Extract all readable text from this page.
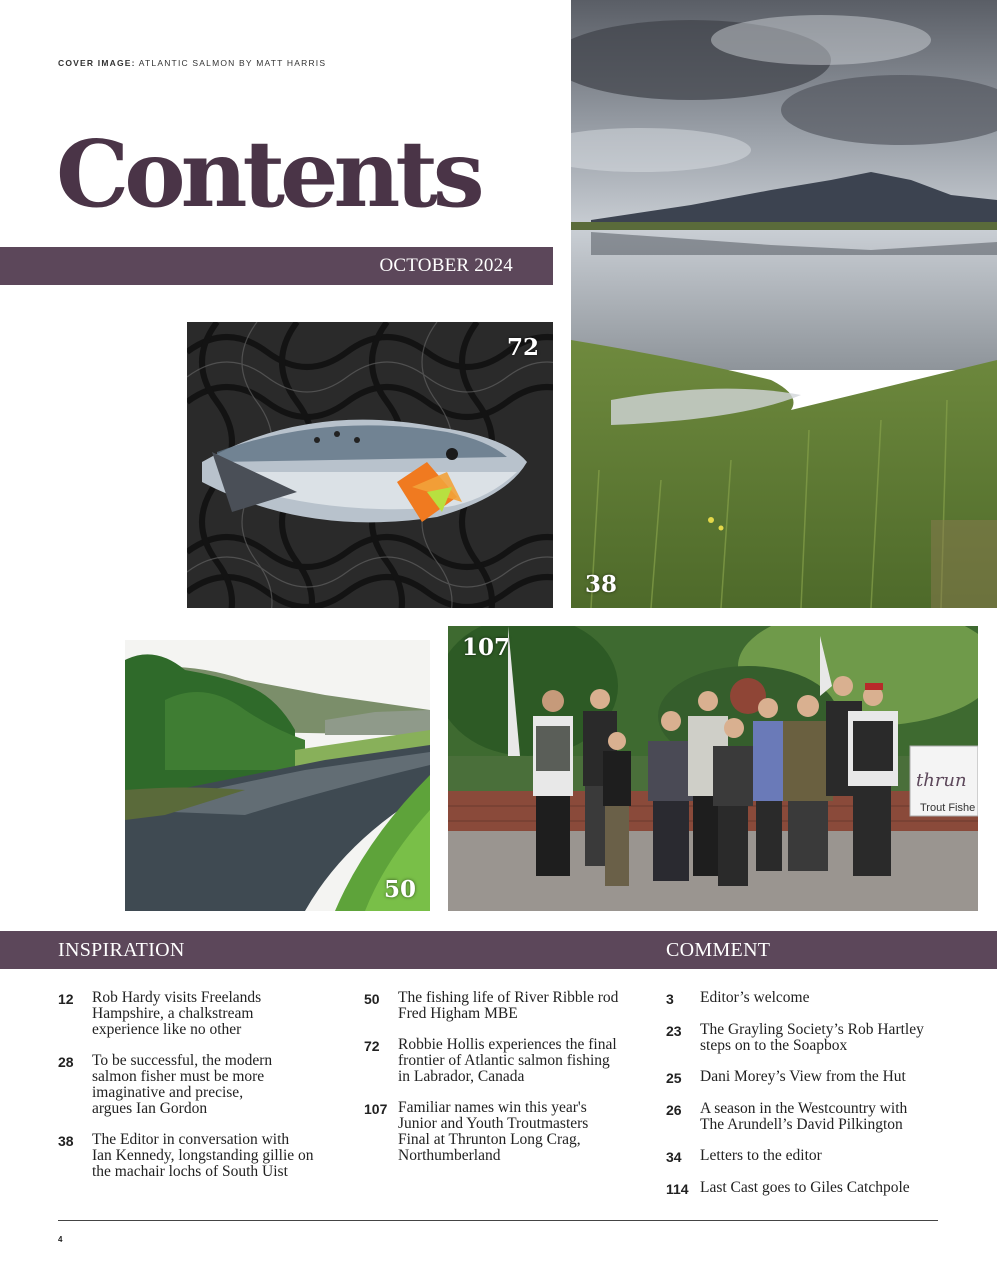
COVER IMAGE: ATLANTIC SALMON BY MATT HARRIS
Contents
OCTOBER 2024
72
38
50
thrun
Trout Fishe
107
INSPIRATION	COMMENT
12	Rob Hardy visits Freelands
Hampshire, a chalkstream
experience like no other
28	To be successful, the modern
salmon fisher must be more
imaginative and precise,
argues Ian Gordon
38	The Editor in conversation with
Ian Kennedy, longstanding gillie on
the machair lochs of South Uist
50	The fishing life of River Ribble rod
Fred Higham MBE
72	Robbie Hollis experiences the final
frontier of Atlantic salmon fishing
in Labrador, Canada
107 Familiar names win this year's
Junior and Youth Troutmasters
Final at Thrunton Long Crag,
Northumberland
3	Editor’s welcome
23	The Grayling Society’s Rob Hartley
steps on to the Soapbox
25	Dani Morey’s View from the Hut
26	A season in the Westcountry with
The Arundell’s David Pilkington
34	Letters to the editor
114 Last Cast goes to Giles Catchpole
4
